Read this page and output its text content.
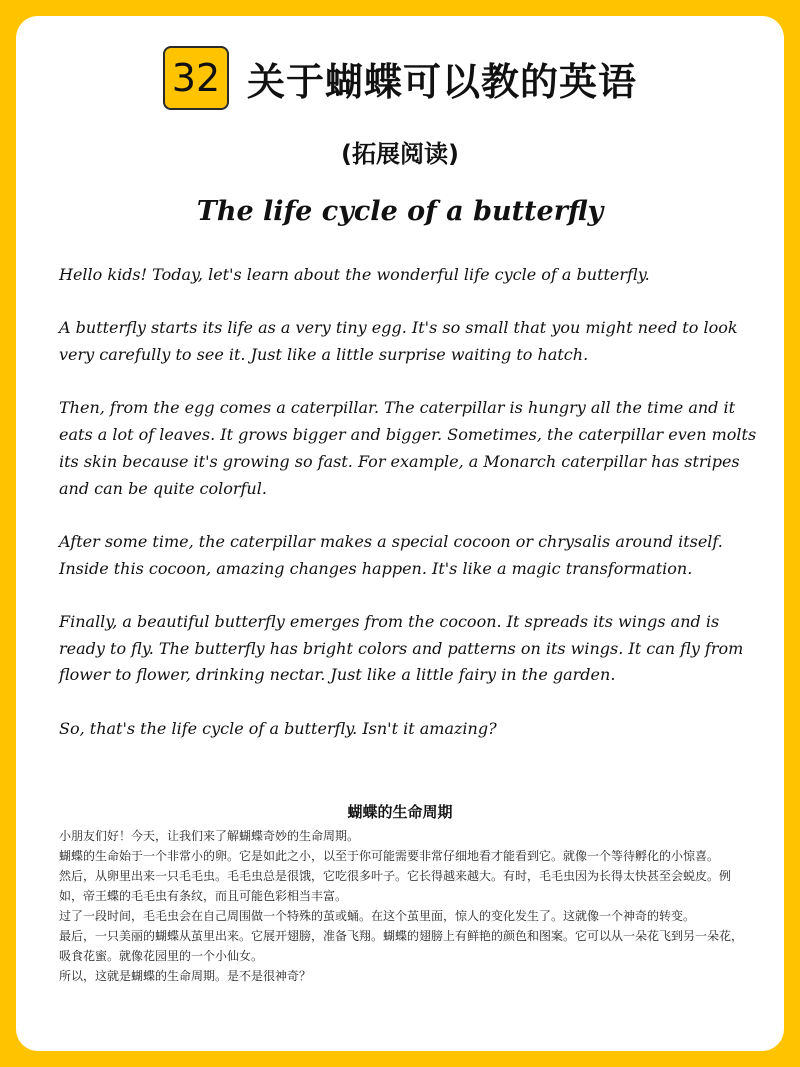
32 关于蝴蝶可以教的英语
(拓展阅读)
The life cycle of a butterfly

Hello kids! Today, let's learn about the wonderful life cycle of a butterfly.

A butterfly starts its life as a very tiny egg. It's so small that you might need to look very carefully to see it. Just like a little surprise waiting to hatch.

Then, from the egg comes a caterpillar. The caterpillar is hungry all the time and it eats a lot of leaves. It grows bigger and bigger. Sometimes, the caterpillar even molts its skin because it's growing so fast. For example, a Monarch caterpillar has stripes and can be quite colorful.

After some time, the caterpillar makes a special cocoon or chrysalis around itself. Inside this cocoon, amazing changes happen. It's like a magic transformation.

Finally, a beautiful butterfly emerges from the cocoon. It spreads its wings and is ready to fly. The butterfly has bright colors and patterns on its wings. It can fly from flower to flower, drinking nectar. Just like a little fairy in the garden.

So, that's the life cycle of a butterfly. Isn't it amazing?

蝴蝶的生命周期

小朋友们好！今天，让我们来了解蝴蝶奇妙的生命周期。

蝴蝶的生命始于一个非常小的卵。它是如此之小，以至于你可能需要非常仔细地看才能看到它。就像一个等待孵化的小惊喜。

然后，从卵里出来一只毛毛虫。毛毛虫总是很饿，它吃很多叶子。它长得越来越大。有时，毛毛虫因为长得太快甚至会蜕皮。例如，帝王蝶的毛毛虫有条纹，而且可能色彩相当丰富。

过了一段时间，毛毛虫会在自己周围做一个特殊的茧或蛹。在这个茧里面，惊人的变化发生了。这就像一个神奇的转变。

最后，一只美丽的蝴蝶从茧里出来。它展开翅膀，准备飞翔。蝴蝶的翅膀上有鲜艳的颜色和图案。它可以从一朵花飞到另一朵花，吸食花蜜。就像花园里的一个小仙女。

所以，这就是蝴蝶的生命周期。是不是很神奇？
